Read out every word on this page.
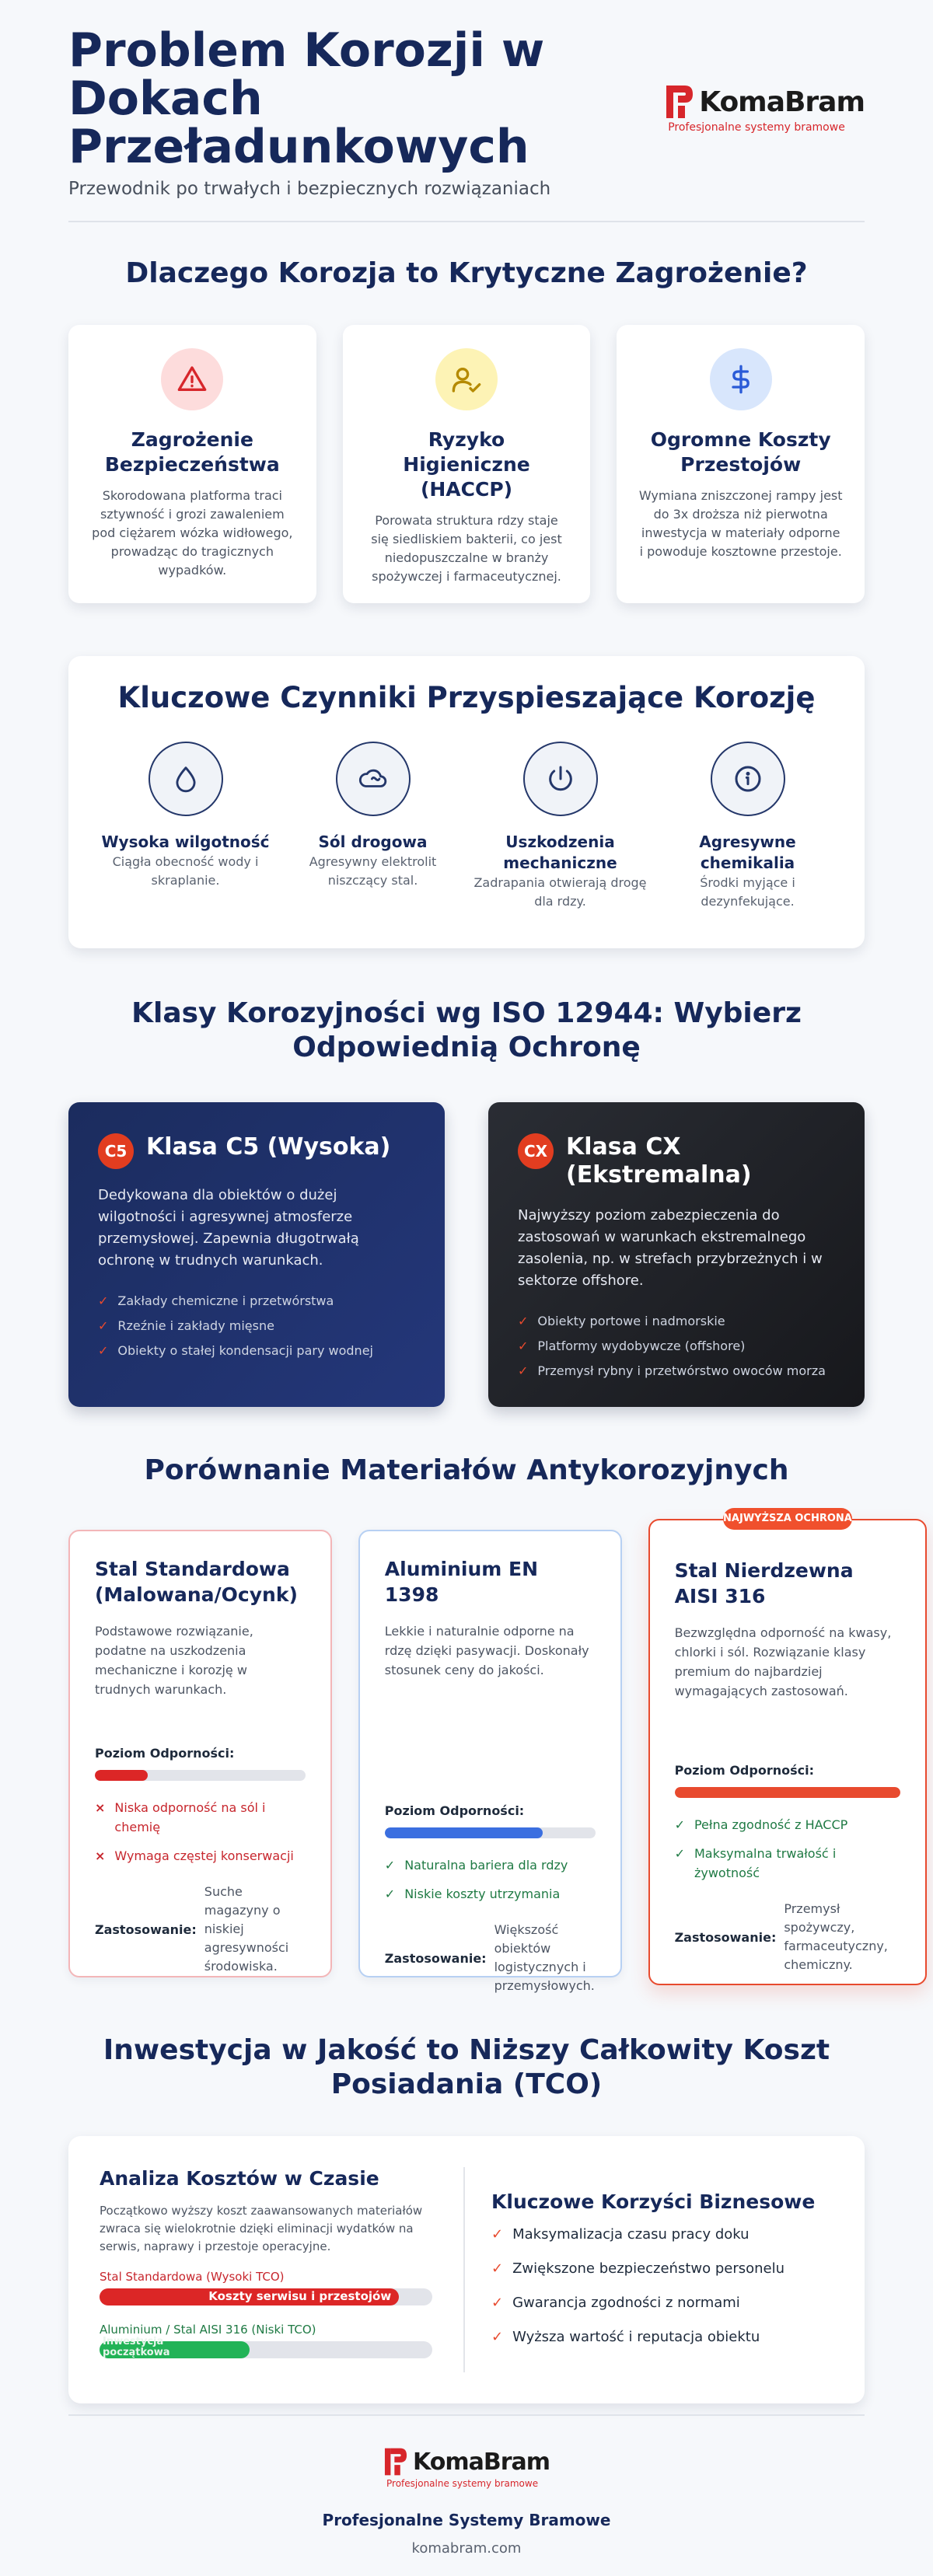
Problem Korozji w Dokach Przeładunkowych
Przewodnik po trwałych i bezpiecznych rozwiązaniach
KomaBram
Profesjonalne systemy bramowe
Dlaczego Korozja to Krytyczne Zagrożenie?
Zagrożenie Bezpieczeństwa

Skorodowana platforma traci sztywność i grozi zawaleniem pod ciężarem wózka widłowego, prowadząc do tragicznych wypadków.

Ryzyko Higieniczne (HACCP)

Porowata struktura rdzy staje się siedliskiem bakterii, co jest niedopuszczalne w branży spożywczej i farmaceutycznej.

Ogromne Koszty Przestojów

Wymiana zniszczonej rampy jest do 3x droższa niż pierwotna inwestycja w materiały odporne i powoduje kosztowne przestoje.

Kluczowe Czynniki Przyspieszające Korozję
Wysoka wilgotność

Ciągła obecność wody i skraplanie.

Sól drogowa

Agresywny elektrolit niszczący stal.

Uszkodzenia mechaniczne

Zadrapania otwierają drogę dla rdzy.

Agresywne chemikalia

Środki myjące i dezynfekujące.

Klasy Korozyjności wg ISO 12944: Wybierz Odpowiednią Ochronę
C5 Klasa C5 (Wysoka)

Dedykowana dla obiektów o dużej wilgotności i agresywnej atmosferze przemysłowej. Zapewnia długotrwałą ochronę w trudnych warunkach.

✓ Zakłady chemiczne i przetwórstwa
✓ Rzeźnie i zakłady mięsne
✓ Obiekty o stałej kondensacji pary wodnej
CX Klasa CX (Ekstremalna)

Najwyższy poziom zabezpieczenia do zastosowań w warunkach ekstremalnego zasolenia, np. w strefach przybrzeżnych i w sektorze offshore.

✓ Obiekty portowe i nadmorskie
✓ Platformy wydobywcze (offshore)
✓ Przemysł rybny i przetwórstwo owoców morza
Porównanie Materiałów Antykorozyjnych
Stal Standardowa (Malowana/Ocynk)

Podstawowe rozwiązanie, podatne na uszkodzenia mechaniczne i korozję w trudnych warunkach.

Poziom Odporności:
× Niska odporność na sól i chemię
× Wymaga częstej konserwacji
Zastosowanie:
Suche magazyny o niskiej agresywności środowiska.
Aluminium EN 1398

Lekkie i naturalnie odporne na rdzę dzięki pasywacji. Doskonały stosunek ceny do jakości.

Poziom Odporności:
✓ Naturalna bariera dla rdzy
✓ Niskie koszty utrzymania
Zastosowanie:
Większość obiektów logistycznych i przemysłowych.
NAJWYŻSZA OCHRONA
Stal Nierdzewna AISI 316

Bezwzględna odporność na kwasy, chlorki i sól. Rozwiązanie klasy premium do najbardziej wymagających zastosowań.

Poziom Odporności:
✓ Pełna zgodność z HACCP
✓ Maksymalna trwałość i żywotność
Zastosowanie:
Przemysł spożywczy, farmaceutyczny, chemiczny.
Inwestycja w Jakość to Niższy Całkowity Koszt Posiadania (TCO)
Analiza Kosztów w Czasie

Początkowo wyższy koszt zaawansowanych materiałów zwraca się wielokrotnie dzięki eliminacji wydatków na serwis, naprawy i przestoje operacyjne.

Stal Standardowa (Wysoki TCO)
Koszty serwisu i przestojów
Aluminium / Stal AISI 316 (Niski TCO)
Inwestycja początkowa
Kluczowe Korzyści Biznesowe
✓ Maksymalizacja czasu pracy doku
✓ Zwiększone bezpieczeństwo personelu
✓ Gwarancja zgodności z normami
✓ Wyższa wartość i reputacja obiektu
KomaBram
Profesjonalne systemy bramowe
Profesjonalne Systemy Bramowe
komabram.com
